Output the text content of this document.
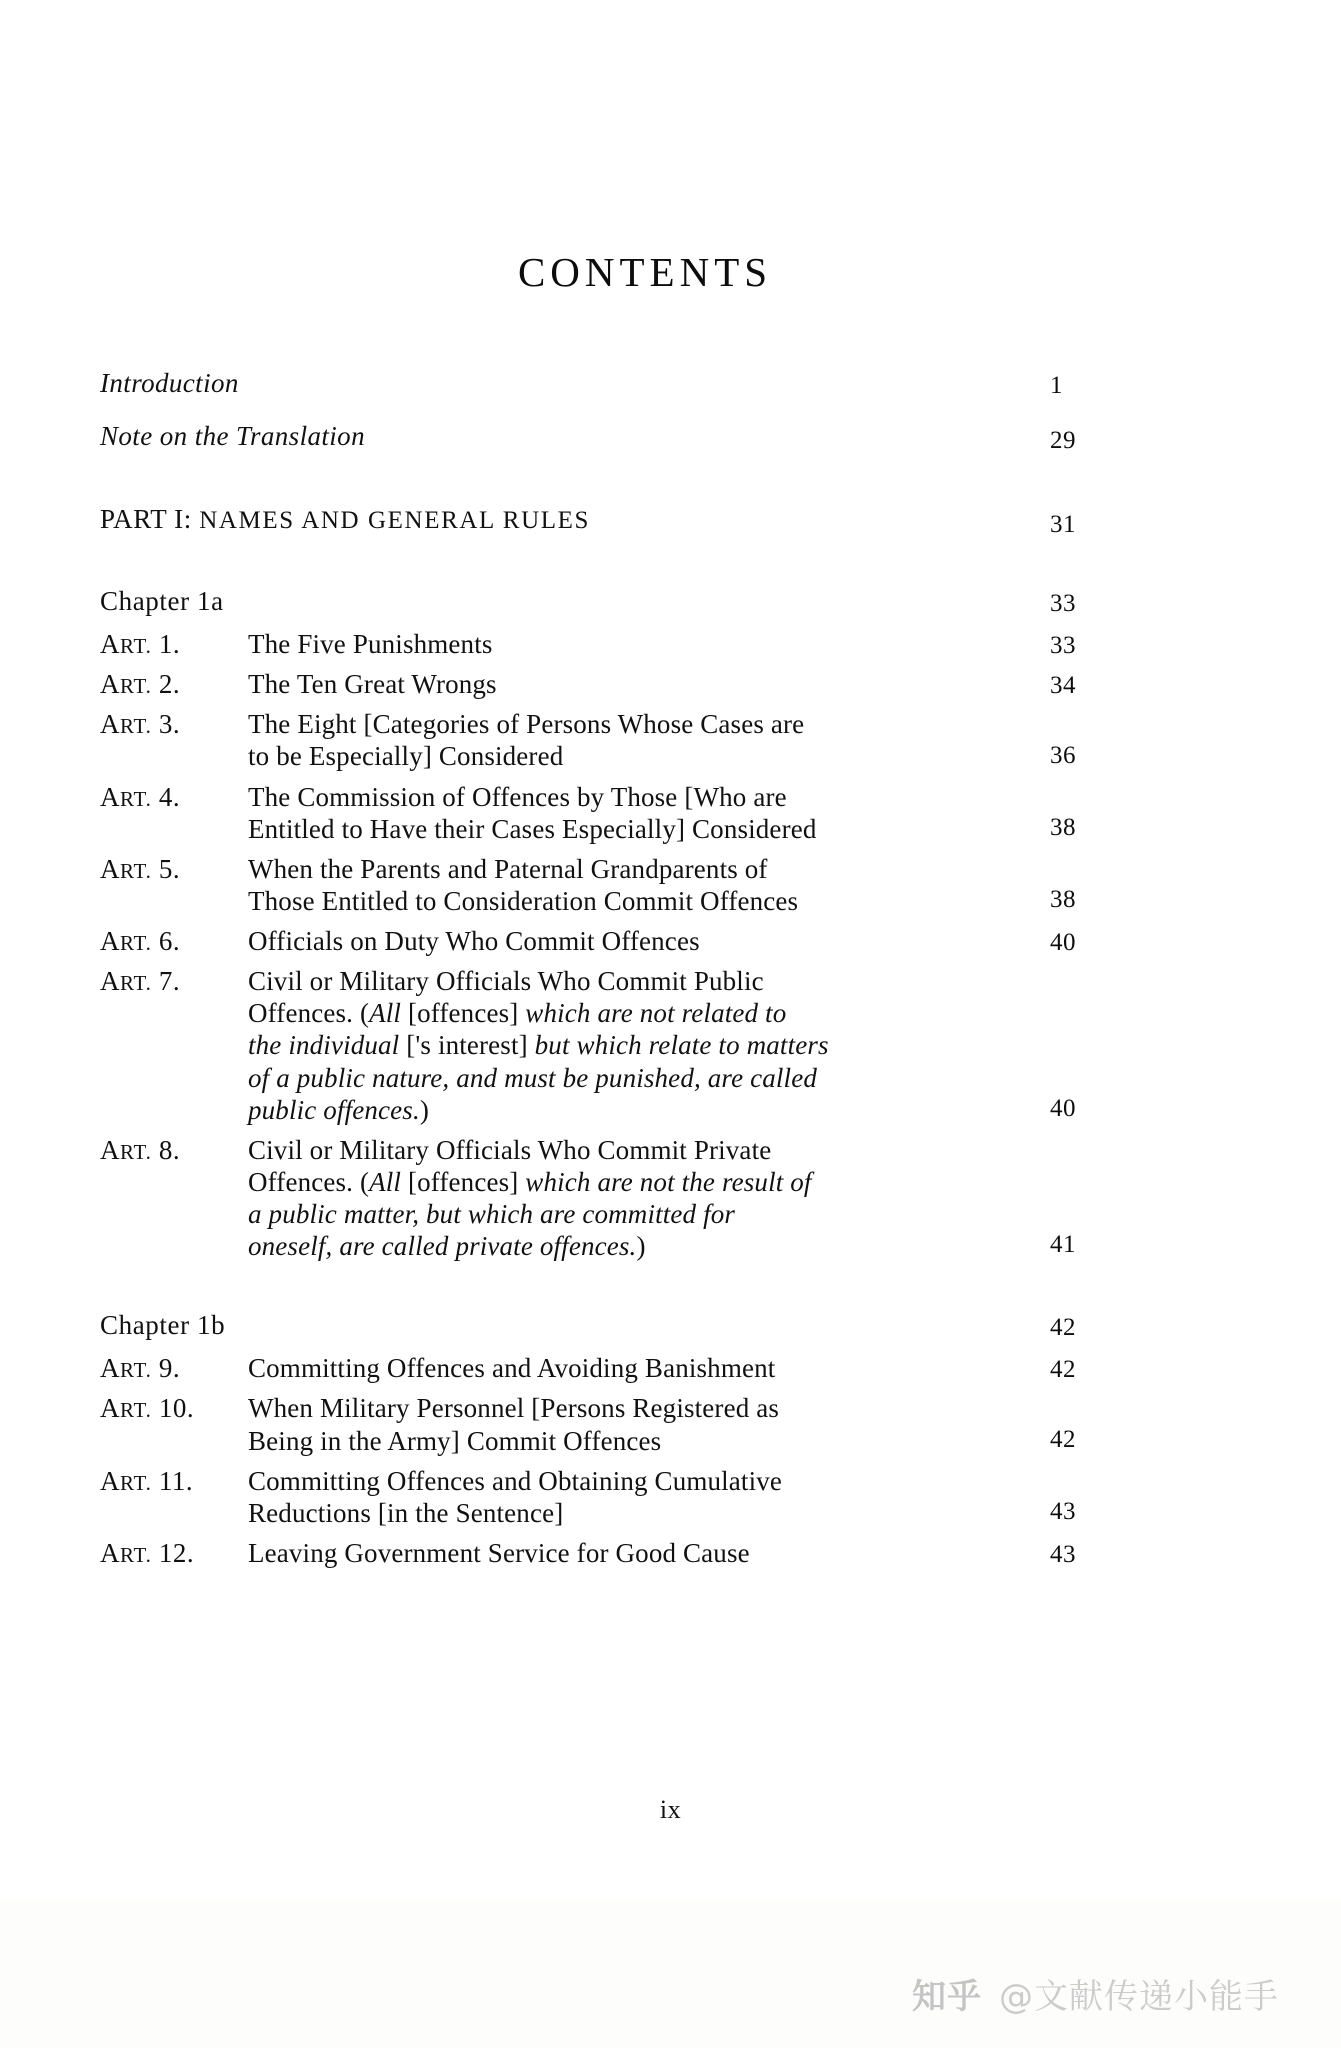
CONTENTS
Introduction	1
Note on the Translation	29
PART I: NAMES AND GENERAL RULES	31
Chapter 1a	33
ART. 1.	The Five Punishments	33
ART. 2.	The Ten Great Wrongs	34
ART. 3.	The Eight [Categories of Persons Whose Cases are
to be Especially] Considered	36
ART. 4.	The Commission of Offences by Those [Who are
Entitled to Have their Cases Especially] Considered	38
ART. 5.	When the Parents and Paternal Grandparents of
Those Entitled to Consideration Commit Offences	38
ART. 6.	Officials on Duty Who Commit Offences	40
ART. 7.	Civil or Military Officials Who Commit Public
Offences. (All [offences] which are not related to
the individual ['s interest] but which relate to matters
of a public nature, and must be punished, are called
public offences.)	40
ART. 8.	Civil or Military Officials Who Commit Private
Offences. (All [offences] which are not the result of
a public matter, but which are committed for
oneself, are called private offences.)	41
Chapter 1b	42
ART. 9.	Committing Offences and Avoiding Banishment	42
ART. 10.	When Military Personnel [Persons Registered as
Being in the Army] Commit Offences	42
ART. 11.	Committing Offences and Obtaining Cumulative
Reductions [in the Sentence]	43
ART. 12.	Leaving Government Service for Good Cause	43
ix
知乎 @文献传递小能手
